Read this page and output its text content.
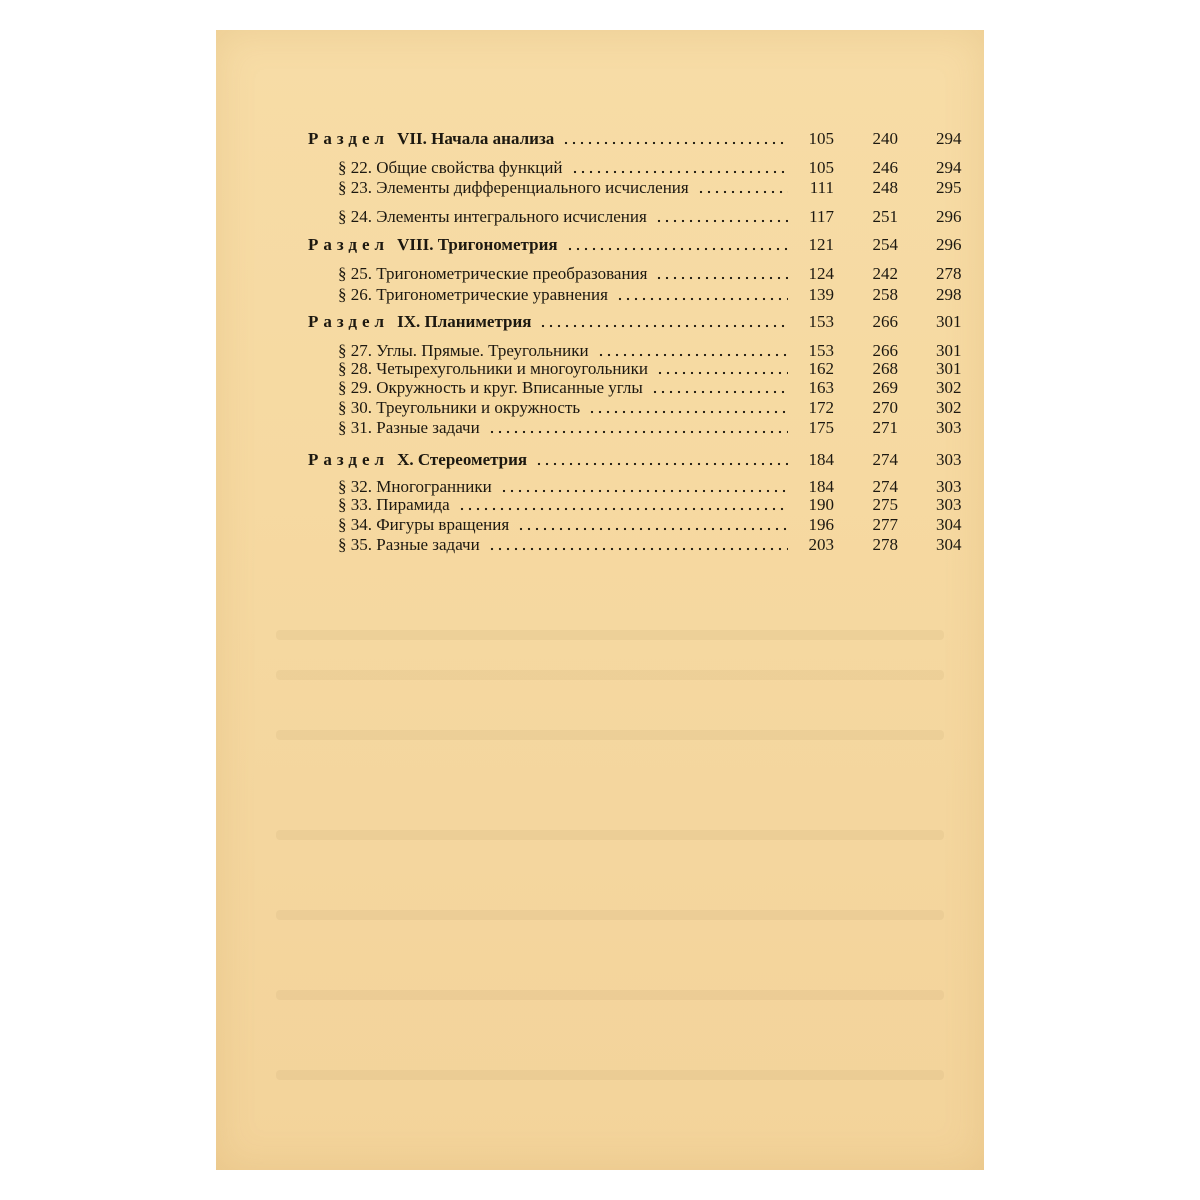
Раздел VII. Начала анализа	105	240 294
§ 22. Общие свойства функций	105	246 294
§ 23. Элементы дифференциального исчисления	111	248 295
§ 24. Элементы интегрального исчисления	117	251 296
Раздел VIII. Тригонометрия	121	254 296
§ 25. Тригонометрические преобразования	124	242 278
§ 26. Тригонометрические уравнения	139	258 298
Раздел IX. Планиметрия	153	266 301
§ 27. Углы. Прямые. Треугольники	153	266 301
§ 28. Четырехугольники и многоугольники	162	268 301
§ 29. Окружность и круг. Вписанные углы	163	269 302
§ 30. Треугольники и окружность	172	270 302
§ 31. Разные задачи	175	271 303
Раздел X. Стереометрия	184	274 303
§ 32. Многогранники	184	274 303
§ 33. Пирамида	190	275 303
§ 34. Фигуры вращения	196	277 304
§ 35. Разные задачи	203	278 304
